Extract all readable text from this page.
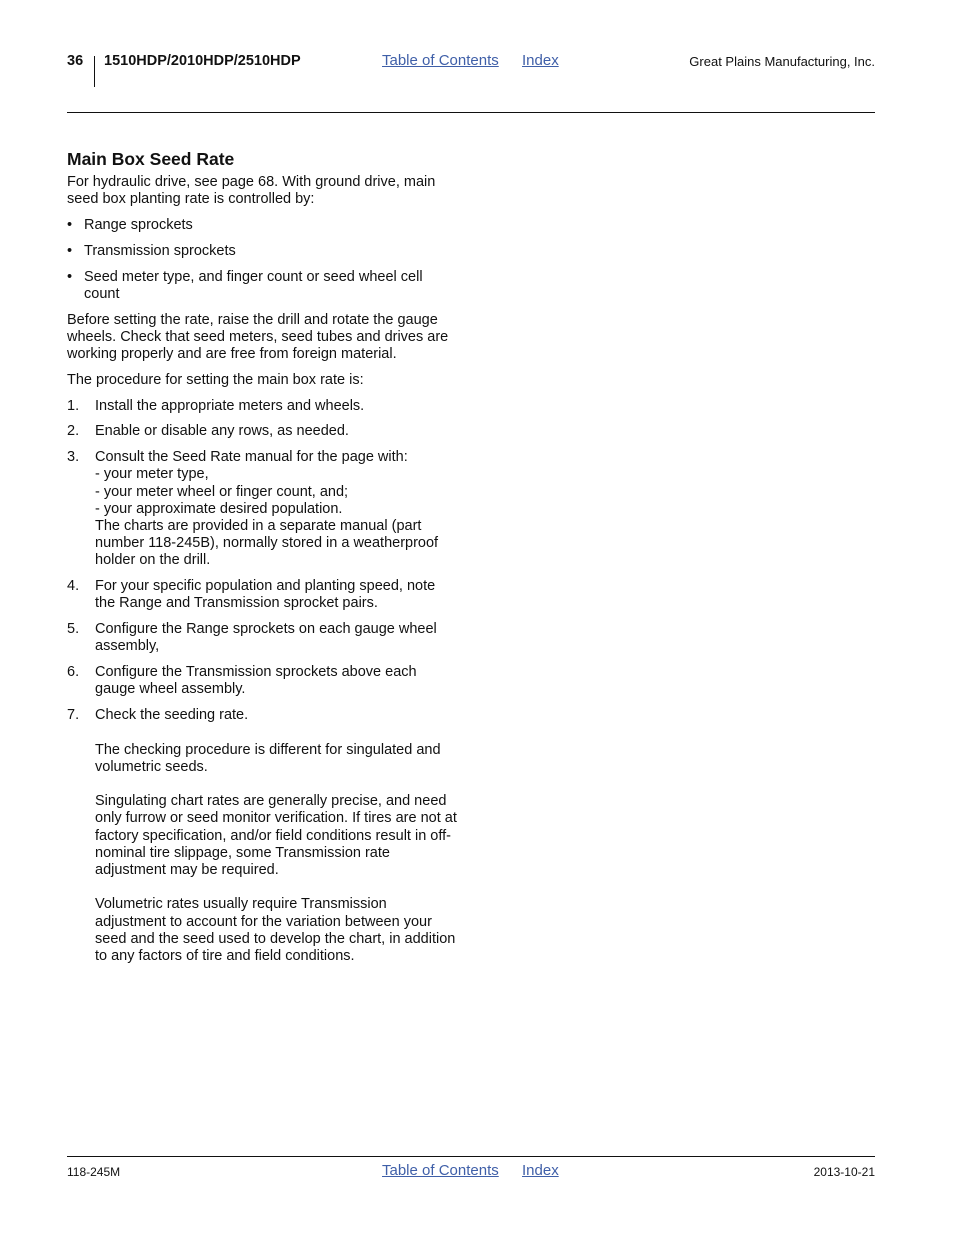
36 1510HDP/2010HDP/2510HDP	Table of Contents Index	Great Plains Manufacturing, Inc.
Main Box Seed Rate

For hydraulic drive, see page 68. With ground drive, main seed box planting rate is controlled by:

• Range sprockets
• Transmission sprockets
• Seed meter type, and finger count or seed wheel cell count

Before setting the rate, raise the drill and rotate the gauge wheels. Check that seed meters, seed tubes and drives are working properly and are free from foreign material.

The procedure for setting the main box rate is:

1. Install the appropriate meters and wheels.
2. Enable or disable any rows, as needed.
3. Consult the Seed Rate manual for the page with:
- your meter type,
- your meter wheel or finger count, and;
- your approximate desired population.
The charts are provided in a separate manual (part number 118-245B), normally stored in a weatherproof holder on the drill.
4. For your specific population and planting speed, note the Range and Transmission sprocket pairs.
5. Configure the Range sprockets on each gauge wheel assembly,
6. Configure the Transmission sprockets above each gauge wheel assembly.
7. Check the seeding rate.
The checking procedure is different for singulated and volumetric seeds.
Singulating chart rates are generally precise, and need only furrow or seed monitor verification. If tires are not at factory specification, and/or field conditions result in off-nominal tire slippage, some Transmission rate adjustment may be required.
Volumetric rates usually require Transmission adjustment to account for the variation between your seed and the seed used to develop the chart, in addition to any factors of tire and field conditions.
118-245M	Table of Contents Index	2013-10-21
